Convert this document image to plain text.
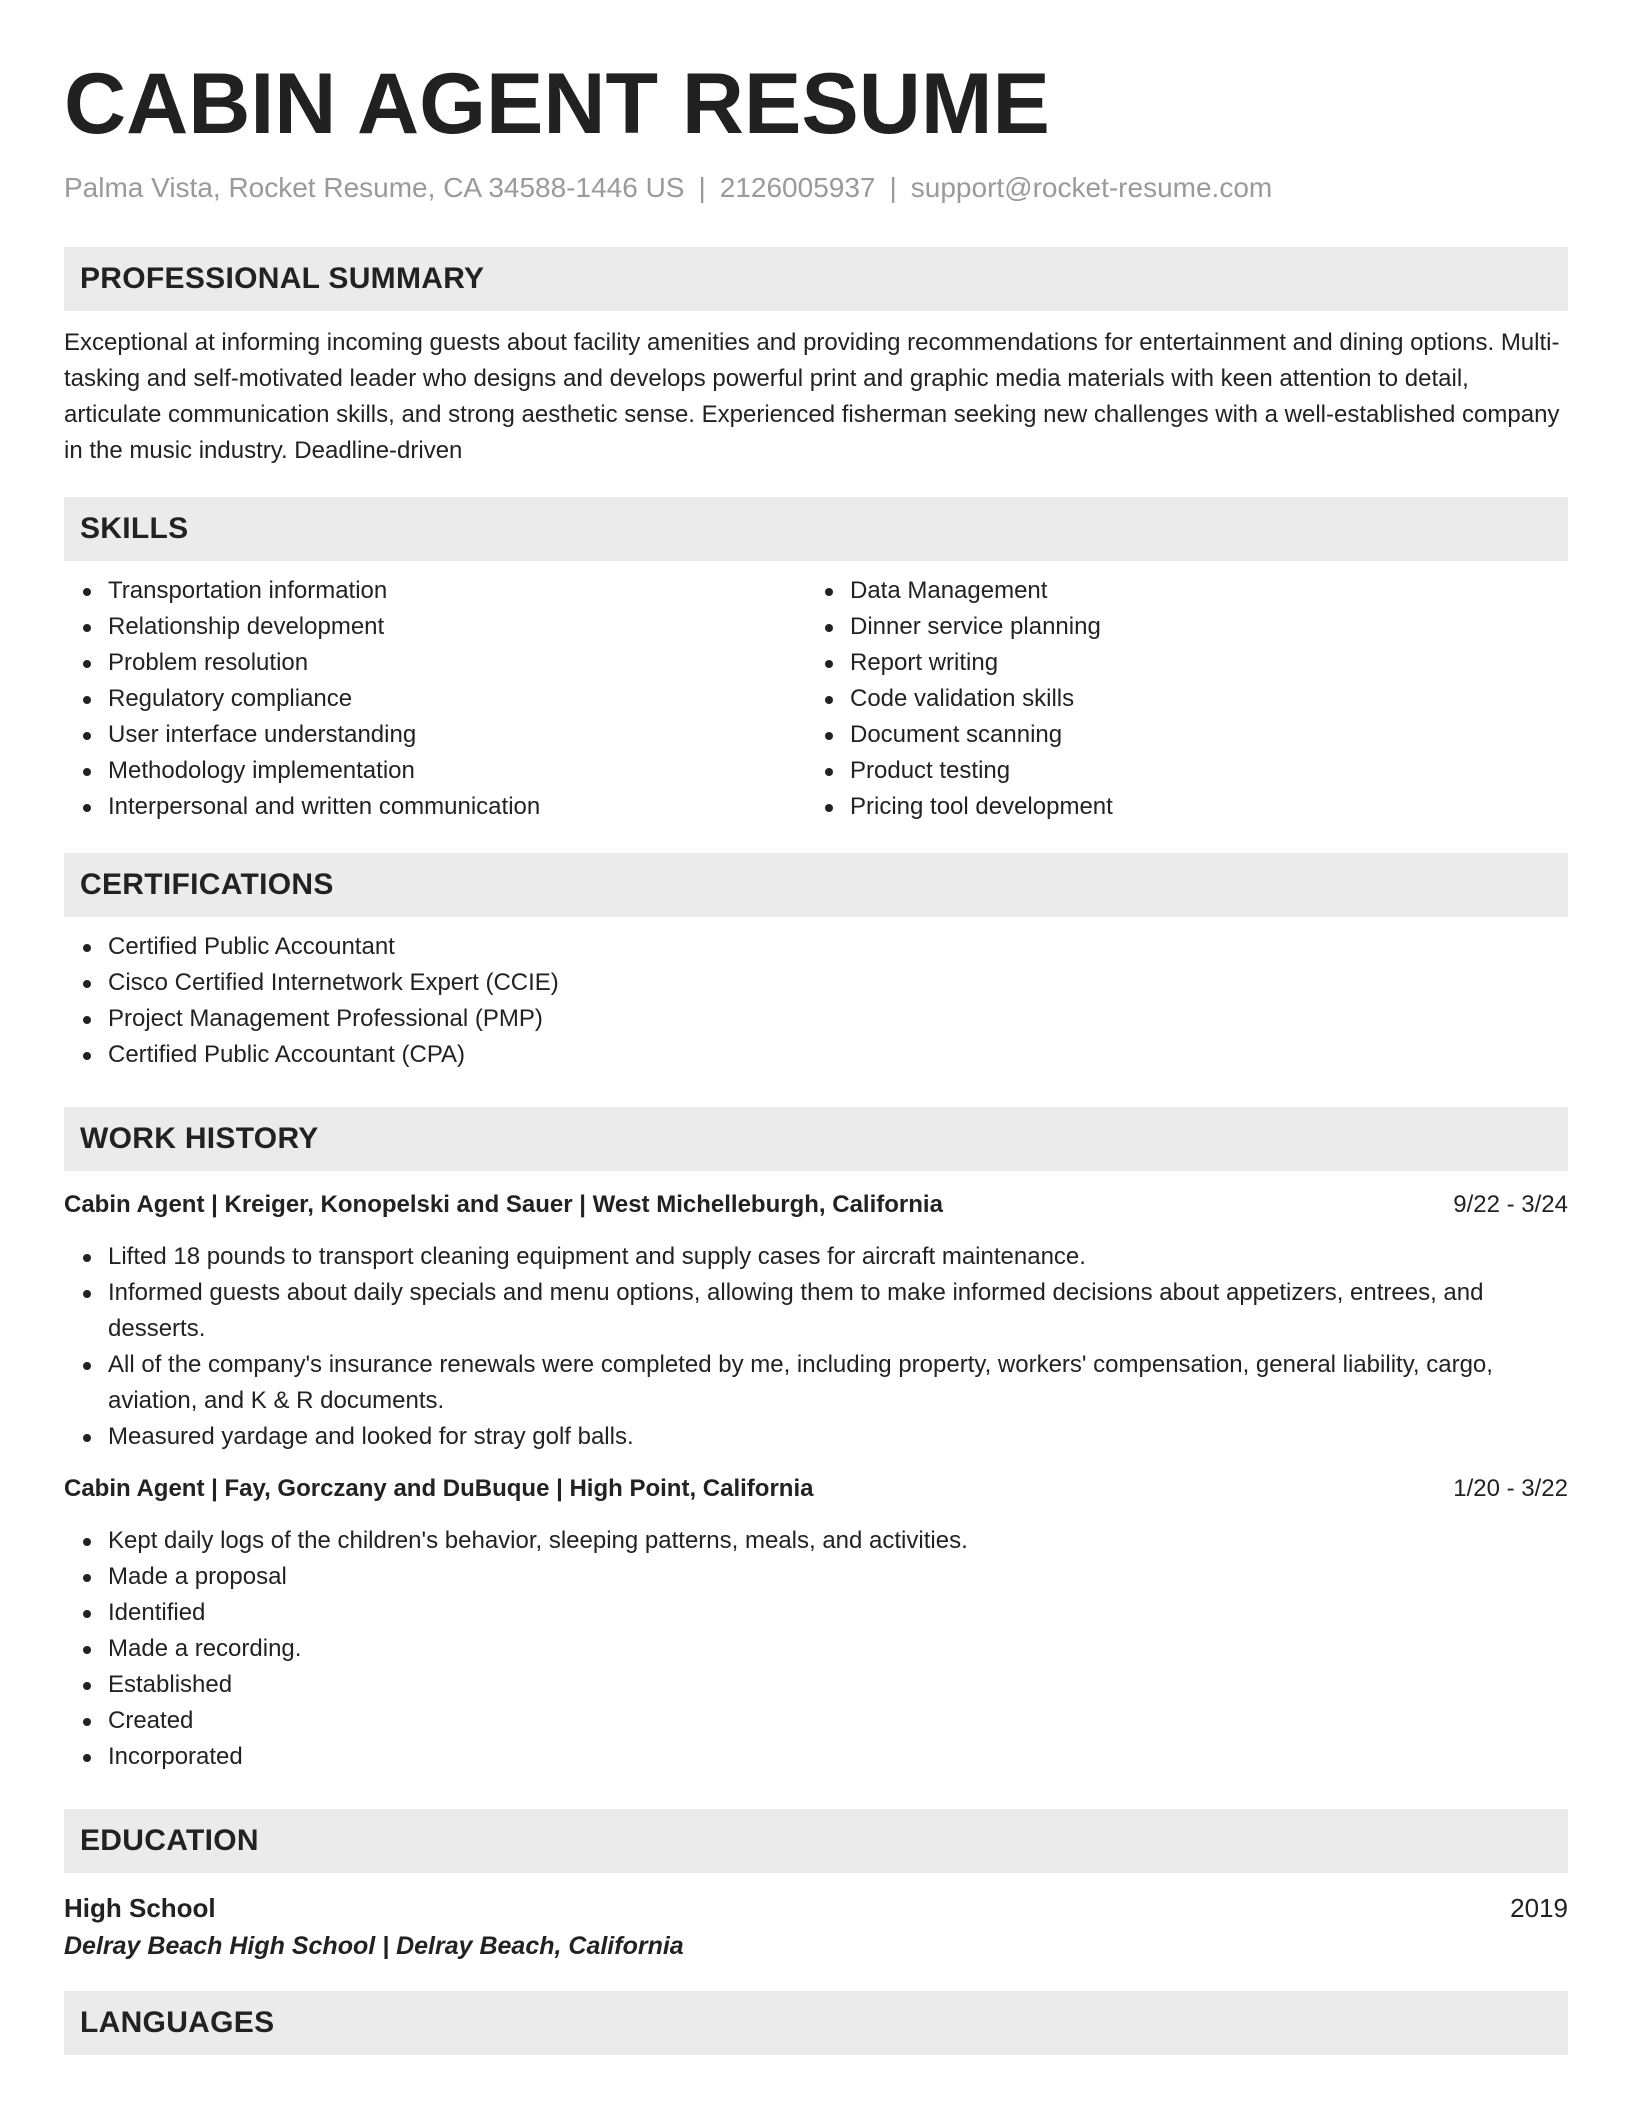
CABIN AGENT RESUME
Palma Vista, Rocket Resume, CA 34588-1446 US | 2126005937 | support@rocket-resume.com
PROFESSIONAL SUMMARY

Exceptional at informing incoming guests about facility amenities and providing recommendations for entertainment and dining options. Multi-tasking and self-motivated leader who designs and develops powerful print and graphic media materials with keen attention to detail, articulate communication skills, and strong aesthetic sense. Experienced fisherman seeking new challenges with a well-established company in the music industry. Deadline-driven

SKILLS
Transportation information
Relationship development
Problem resolution
Regulatory compliance
User interface understanding
Methodology implementation
Interpersonal and written communication
Data Management
Dinner service planning
Report writing
Code validation skills
Document scanning
Product testing
Pricing tool development
CERTIFICATIONS
Certified Public Accountant
Cisco Certified Internetwork Expert (CCIE)
Project Management Professional (PMP)
Certified Public Accountant (CPA)
WORK HISTORY
Cabin Agent | Kreiger, Konopelski and Sauer | West Michelleburgh, California	9/22 - 3/24
Lifted 18 pounds to transport cleaning equipment and supply cases for aircraft maintenance.
Informed guests about daily specials and menu options, allowing them to make informed decisions about appetizers, entrees, and desserts.
All of the company's insurance renewals were completed by me, including property, workers' compensation, general liability, cargo, aviation, and K & R documents.
Measured yardage and looked for stray golf balls.
Cabin Agent | Fay, Gorczany and DuBuque | High Point, California	1/20 - 3/22
Kept daily logs of the children's behavior, sleeping patterns, meals, and activities.
Made a proposal
Identified
Made a recording.
Established
Created
Incorporated
EDUCATION
High School	2019
Delray Beach High School | Delray Beach, California
LANGUAGES
